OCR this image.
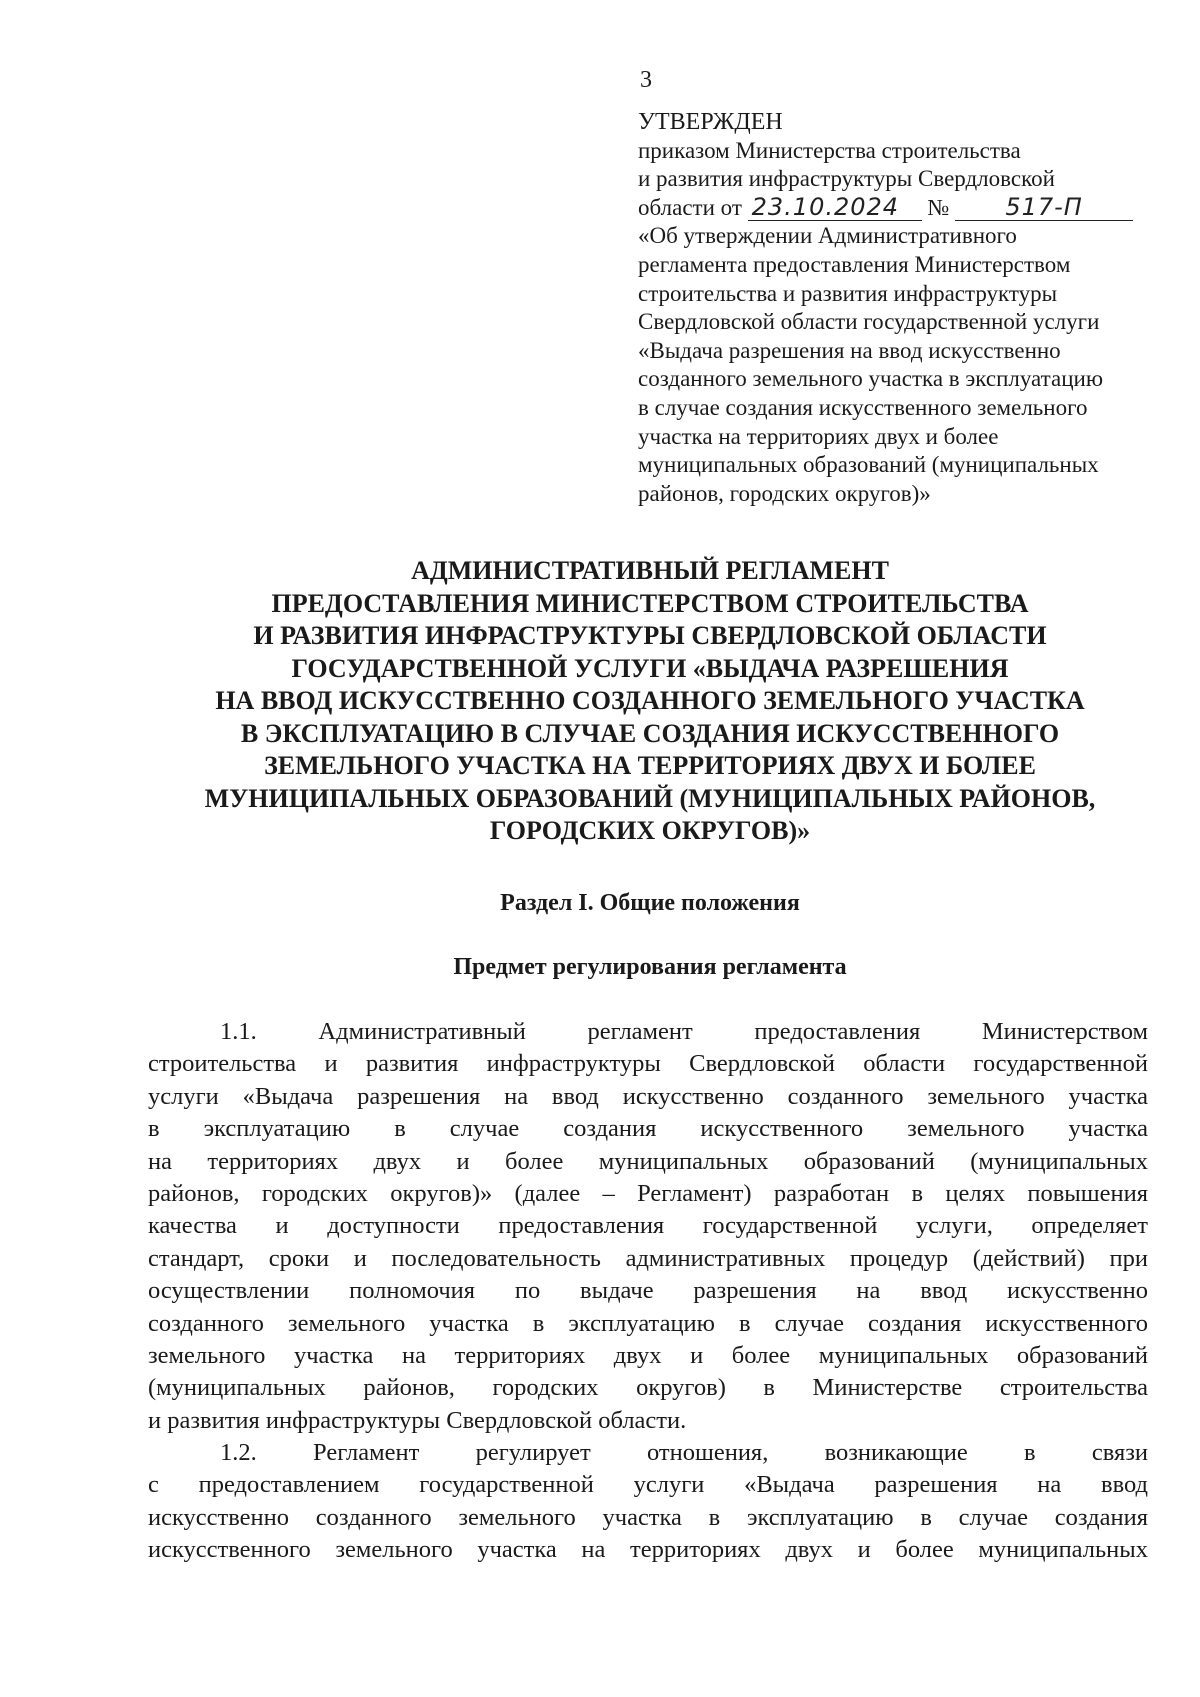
3
УТВЕРЖДЕН
приказом Министерства строительства
и развития инфраструктуры Свердловской
области от 23.10.2024 № 517-П
«Об утверждении Административного
регламента предоставления Министерством
строительства и развития инфраструктуры
Свердловской области государственной услуги
«Выдача разрешения на ввод искусственно
созданного земельного участка в эксплуатацию
в случае создания искусственного земельного
участка на территориях двух и более
муниципальных образований (муниципальных
районов, городских округов)»
АДМИНИСТРАТИВНЫЙ РЕГЛАМЕНТ
ПРЕДОСТАВЛЕНИЯ МИНИСТЕРСТВОМ СТРОИТЕЛЬСТВА
И РАЗВИТИЯ ИНФРАСТРУКТУРЫ СВЕРДЛОВСКОЙ ОБЛАСТИ
ГОСУДАРСТВЕННОЙ УСЛУГИ «ВЫДАЧА РАЗРЕШЕНИЯ
НА ВВОД ИСКУССТВЕННО СОЗДАННОГО ЗЕМЕЛЬНОГО УЧАСТКА
В ЭКСПЛУАТАЦИЮ В СЛУЧАЕ СОЗДАНИЯ ИСКУССТВЕННОГО
ЗЕМЕЛЬНОГО УЧАСТКА НА ТЕРРИТОРИЯХ ДВУХ И БОЛЕЕ
МУНИЦИПАЛЬНЫХ ОБРАЗОВАНИЙ (МУНИЦИПАЛЬНЫХ РАЙОНОВ,
ГОРОДСКИХ ОКРУГОВ)»
Раздел I. Общие положения
Предмет регулирования регламента
1.1. Административный регламент предоставления Министерством
строительства и развития инфраструктуры Свердловской области государственной
услуги «Выдача разрешения на ввод искусственно созданного земельного участка
в эксплуатацию в случае создания искусственного земельного участка
на территориях двух и более муниципальных образований (муниципальных
районов, городских округов)» (далее – Регламент) разработан в целях повышения
качества и доступности предоставления государственной услуги, определяет
стандарт, сроки и последовательность административных процедур (действий) при
осуществлении полномочия по выдаче разрешения на ввод искусственно
созданного земельного участка в эксплуатацию в случае создания искусственного
земельного участка на территориях двух и более муниципальных образований
(муниципальных районов, городских округов) в Министерстве строительства
и развития инфраструктуры Свердловской области.
1.2. Регламент регулирует отношения, возникающие в связи
с предоставлением государственной услуги «Выдача разрешения на ввод
искусственно созданного земельного участка в эксплуатацию в случае создания
искусственного земельного участка на территориях двух и более муниципальных
